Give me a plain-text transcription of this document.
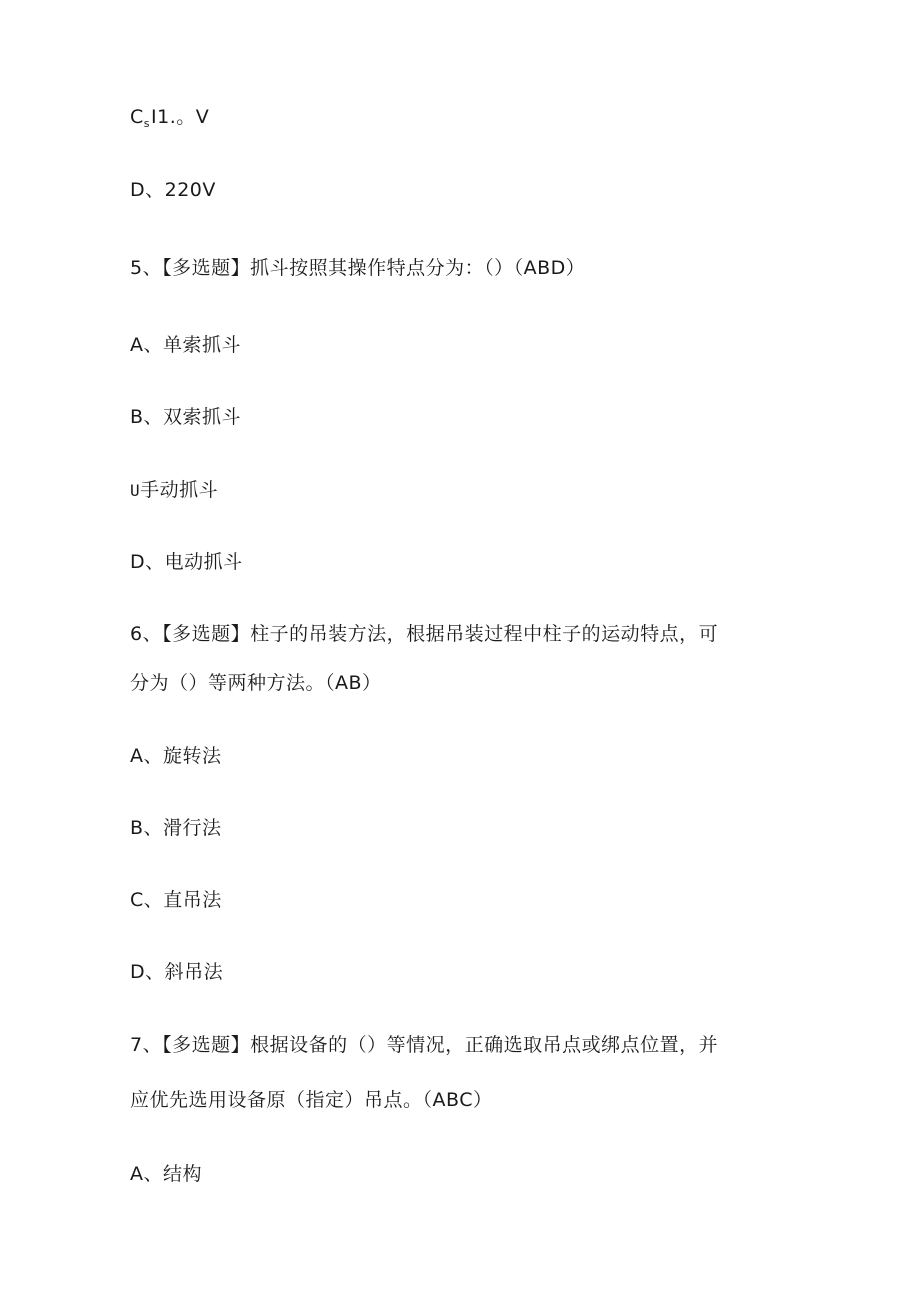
$C_sI1$.。V
D、220V
5、【多选题】抓斗按照其操作特点分为：（）（ABD）
A、单索抓斗
B、双索抓斗
U手动抓斗
D、电动抓斗
6、【多选题】柱子的吊装方法，根据吊装过程中柱子的运动特点，可
分为（）等两种方法。（AB）
A、旋转法
B、滑行法
C、直吊法
D、斜吊法
7、【多选题】根据设备的（）等情况，正确选取吊点或绑点位置，并
应优先选用设备原（指定）吊点。（ABC）
A、结构
